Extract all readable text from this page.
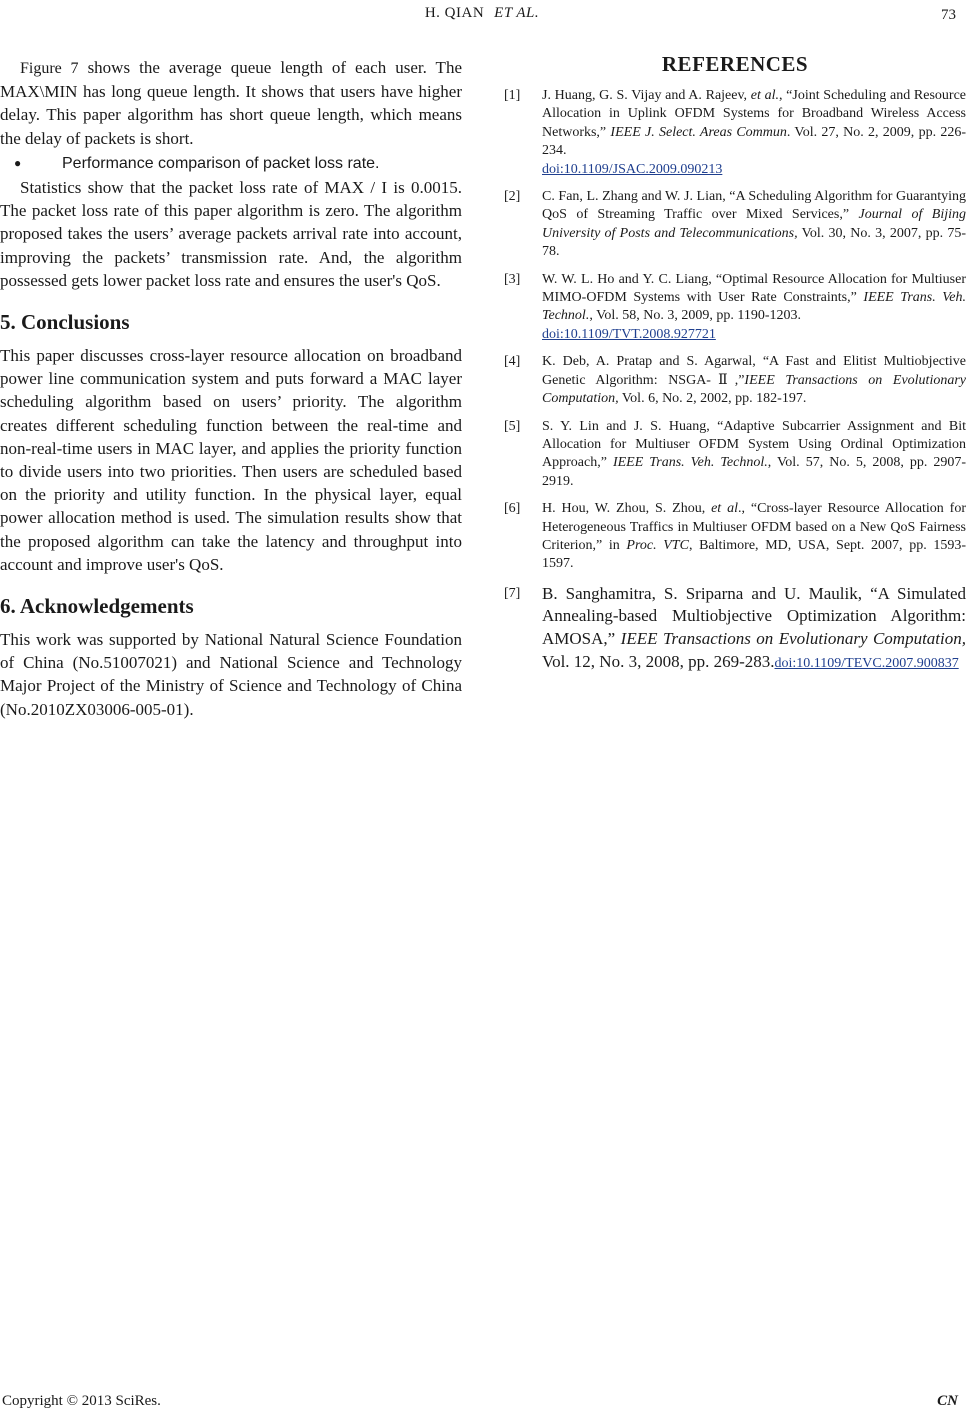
H. QIAN ET AL.	73

Figure 7 shows the average queue length of each user. The MAX\MIN has long queue length. It shows that users have higher delay. This paper algorithm has short queue length, which means the delay of packets is short.

●	Performance comparison of packet loss rate.

Statistics show that the packet loss rate of MAX / I is 0.0015. The packet loss rate of this paper algorithm is zero. The algorithm proposed takes the users’ average packets arrival rate into account, improving the packets’ transmission rate. And, the algorithm possessed gets lower packet loss rate and ensures the user's QoS.

5. Conclusions

This paper discusses cross-layer resource allocation on broadband power line communication system and puts forward a MAC layer scheduling algorithm based on users’ priority. The algorithm creates different scheduling function between the real-time and non-real-time users in MAC layer, and applies the priority function to divide users into two priorities. Then users are scheduled based on the priority and utility function. In the physical layer, equal power allocation method is used. The simulation results show that the proposed algorithm can take the latency and throughput into account and improve user's QoS.

6. Acknowledgements

This work was supported by National Natural Science Foundation of China (No.51007021) and National Science and Technology Major Project of the Ministry of Science and Technology of China (No.2010ZX03006-005-01).

REFERENCES
[1]	J. Huang, G. S. Vijay and A. Rajeev, et al., “Joint Scheduling and Resource Allocation in Uplink OFDM Systems for Broadband Wireless Access Networks,” IEEE J. Select. Areas Commun. Vol. 27, No. 2, 2009, pp. 226-234.
doi:10.1109/JSAC.2009.090213
[2]	C. Fan, L. Zhang and W. J. Lian, “A Scheduling Algorithm for Guarantying QoS of Streaming Traffic over Mixed Services,” Journal of Bijing University of Posts and Telecommunications, Vol. 30, No. 3, 2007, pp. 75-78.
[3]	W. W. L. Ho and Y. C. Liang, “Optimal Resource Allocation for Multiuser MIMO-OFDM Systems with User Rate Constraints,” IEEE Trans. Veh. Technol., Vol. 58, No. 3, 2009, pp. 1190-1203.
doi:10.1109/TVT.2008.927721
[4]	K. Deb, A. Pratap and S. Agarwal, “A Fast and Elitist Multiobjective Genetic Algorithm: NSGA-Ⅱ,”IEEE Transactions on Evolutionary Computation, Vol. 6, No. 2, 2002, pp. 182-197.
[5]	S. Y. Lin and J. S. Huang, “Adaptive Subcarrier Assignment and Bit Allocation for Multiuser OFDM System Using Ordinal Optimization Approach,” IEEE Trans. Veh. Technol., Vol. 57, No. 5, 2008, pp. 2907-2919.
[6]	H. Hou, W. Zhou, S. Zhou, et al., “Cross-layer Resource Allocation for Heterogeneous Traffics in Multiuser OFDM based on a New QoS Fairness Criterion,” in Proc. VTC, Baltimore, MD, USA, Sept. 2007, pp. 1593-1597.
[7]	B. Sanghamitra, S. Sriparna and U. Maulik, “A Simulated Annealing-based Multiobjective Optimization Algorithm: AMOSA,” IEEE Transactions on Evolutionary Computation, Vol. 12, No. 3, 2008, pp. 269-283.doi:10.1109/TEVC.2007.900837
Copyright © 2013 SciRes.	CN
